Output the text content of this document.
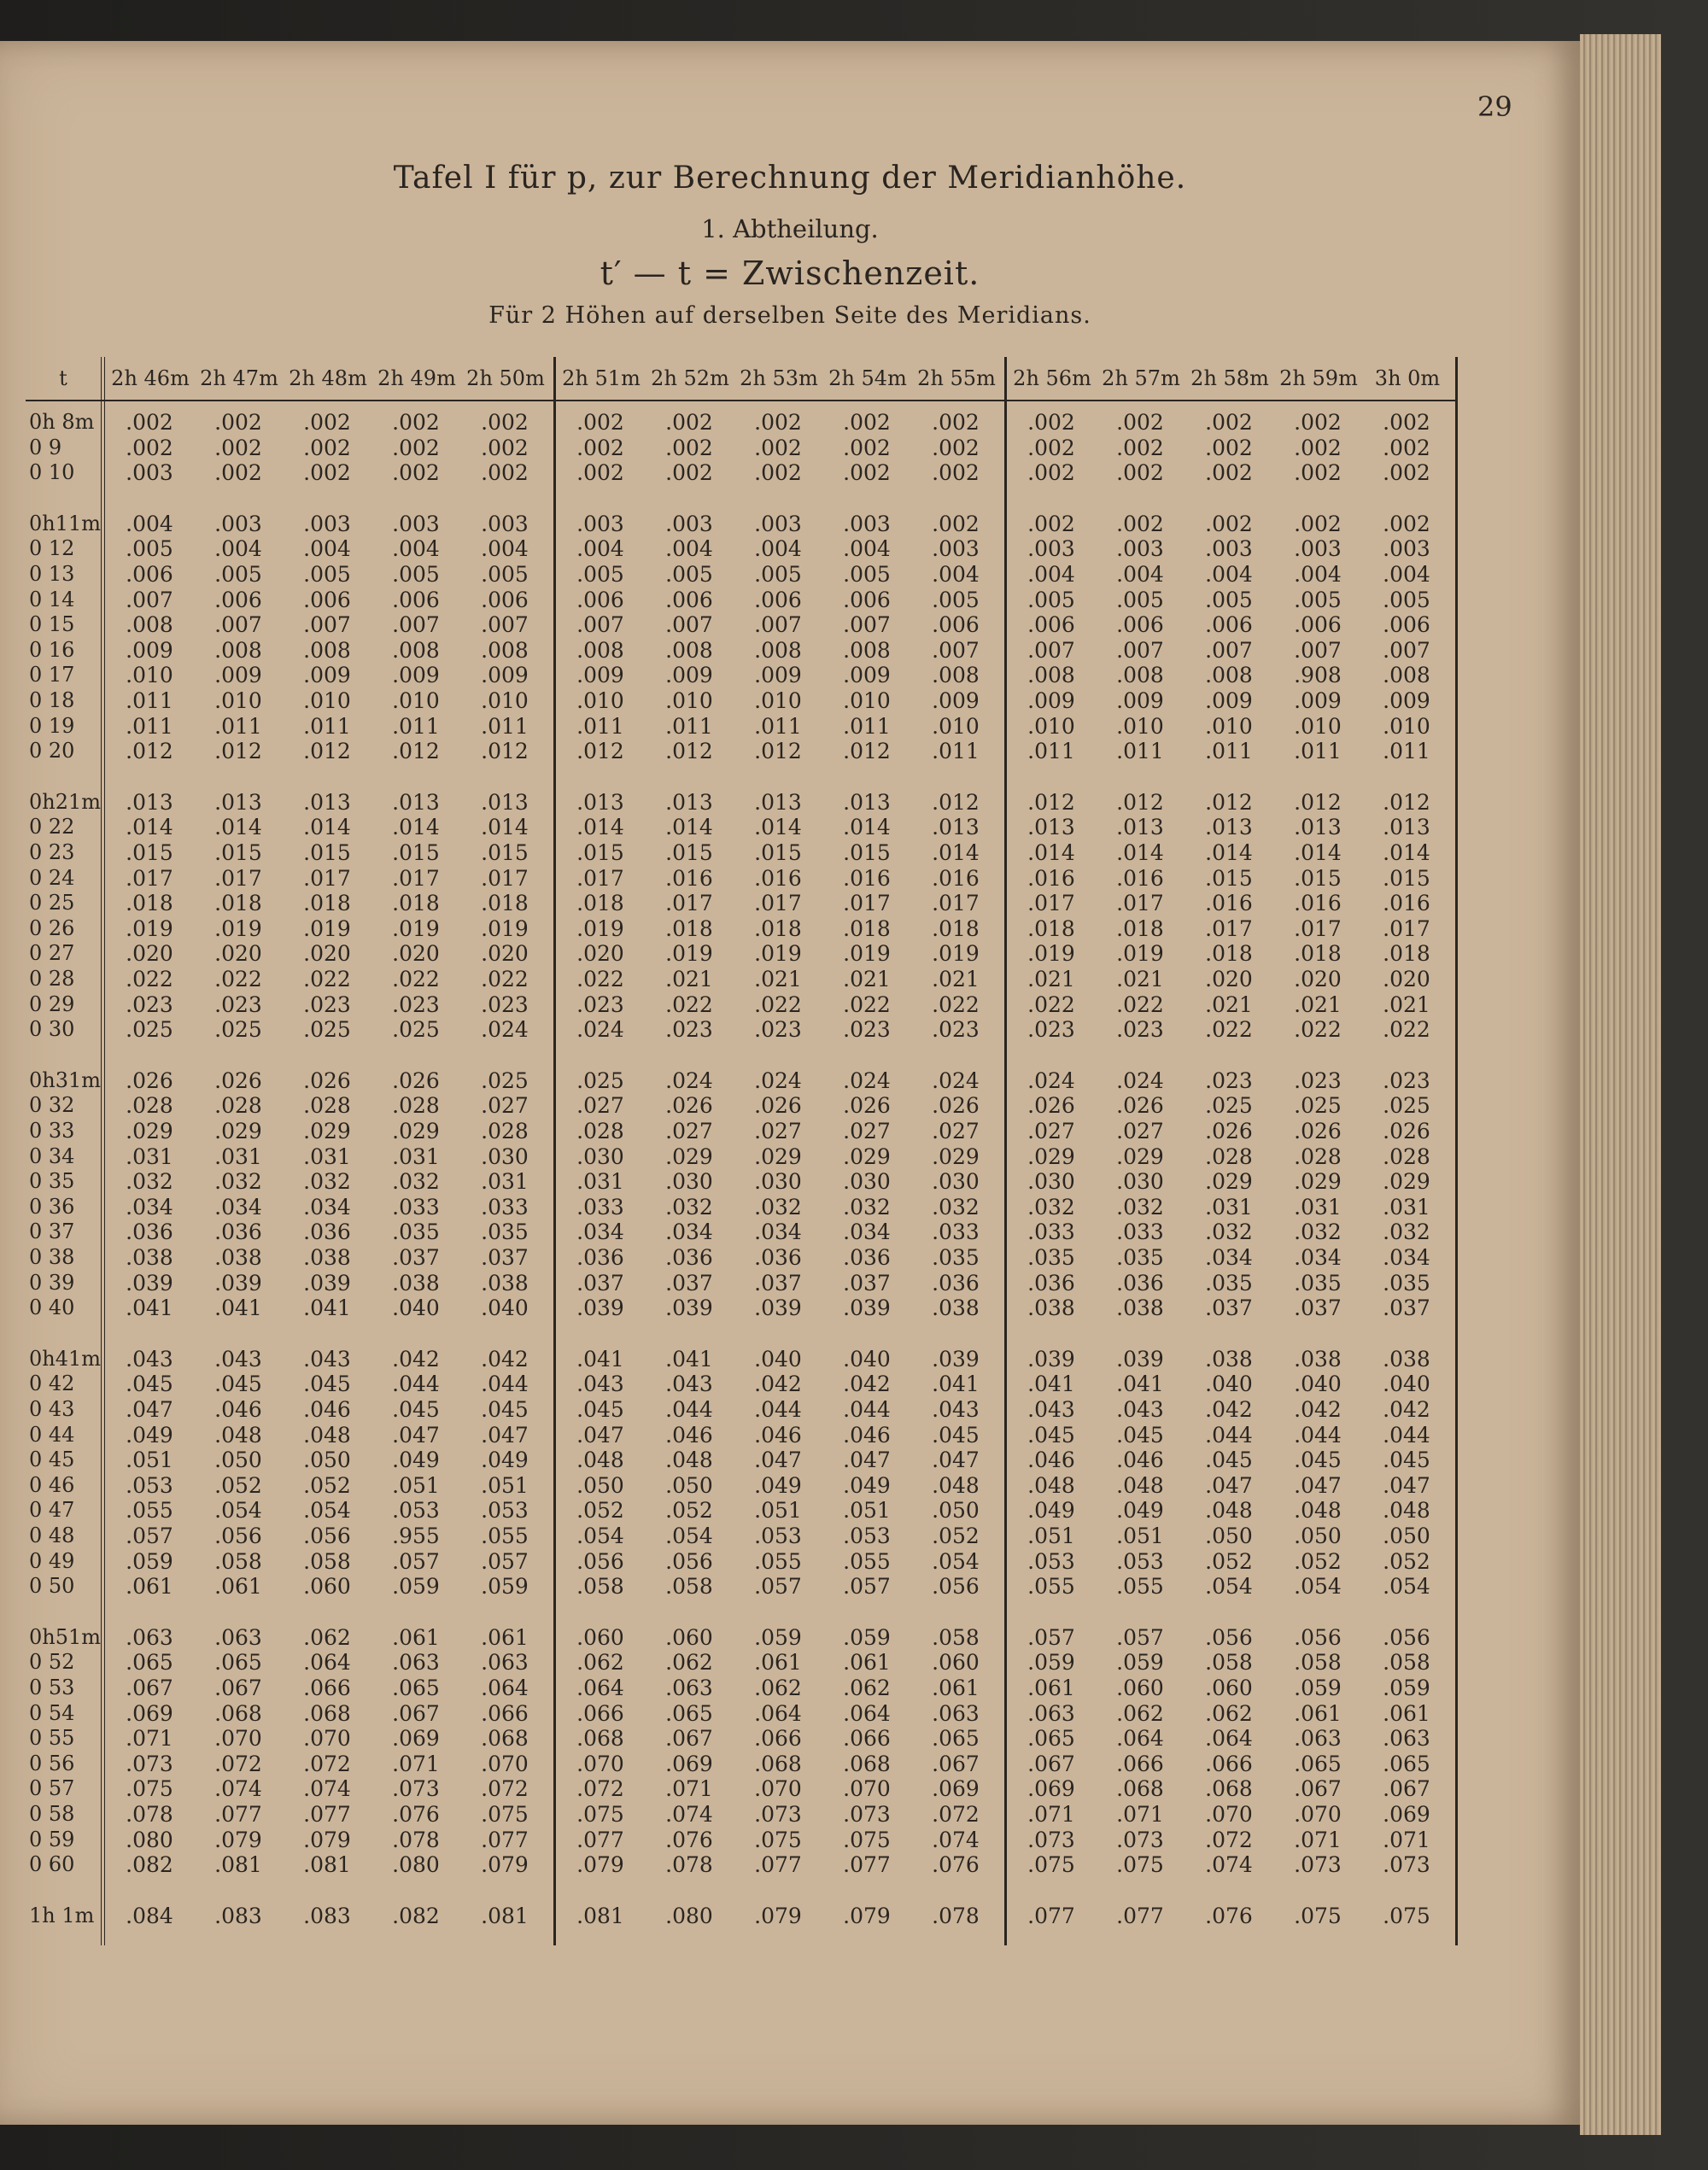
29
Tafel I für p, zur Berechnung der Meridianhöhe.
1. Abtheilung.
t′ — t = Zwischenzeit.
Für 2 Höhen auf derselben Seite des Meridians.
t	2h 46m 2h 47m 2h 48m 2h 49m 2h 50m 2h 51m 2h 52m 2h 53m 2h 54m 2h 55m 2h 56m 2h 57m 2h 58m 2h 59m 3h 0m
0h 8m	.002	.002	.002	.002	.002	.002	.002	.002	.002	.002	.002	.002	.002	.002	.002
0 9	.002	.002	.002	.002	.002	.002	.002	.002	.002	.002	.002	.002	.002	.002	.002
0 10	.003	.002	.002	.002	.002	.002	.002	.002	.002	.002	.002	.002	.002	.002	.002
0h11m	.004	.003	.003	.003	.003	.003	.003	.003	.003	.002	.002	.002	.002	.002	.002
0 12	.005	.004	.004	.004	.004	.004	.004	.004	.004	.003	.003	.003	.003	.003	.003
0 13	.006	.005	.005	.005	.005	.005	.005	.005	.005	.004	.004	.004	.004	.004	.004
0 14	.007	.006	.006	.006	.006	.006	.006	.006	.006	.005	.005	.005	.005	.005	.005
0 15	.008	.007	.007	.007	.007	.007	.007	.007	.007	.006	.006	.006	.006	.006	.006
0 16	.009	.008	.008	.008	.008	.008	.008	.008	.008	.007	.007	.007	.007	.007	.007
0 17	.010	.009	.009	.009	.009	.009	.009	.009	.009	.008	.008	.008	.008	.908	.008
0 18	.011	.010	.010	.010	.010	.010	.010	.010	.010	.009	.009	.009	.009	.009	.009
0 19	.011	.011	.011	.011	.011	.011	.011	.011	.011	.010	.010	.010	.010	.010	.010
0 20	.012	.012	.012	.012	.012	.012	.012	.012	.012	.011	.011	.011	.011	.011	.011
0h21m	.013	.013	.013	.013	.013	.013	.013	.013	.013	.012	.012	.012	.012	.012	.012
0 22	.014	.014	.014	.014	.014	.014	.014	.014	.014	.013	.013	.013	.013	.013	.013
0 23	.015	.015	.015	.015	.015	.015	.015	.015	.015	.014	.014	.014	.014	.014	.014
0 24	.017	.017	.017	.017	.017	.017	.016	.016	.016	.016	.016	.016	.015	.015	.015
0 25	.018	.018	.018	.018	.018	.018	.017	.017	.017	.017	.017	.017	.016	.016	.016
0 26	.019	.019	.019	.019	.019	.019	.018	.018	.018	.018	.018	.018	.017	.017	.017
0 27	.020	.020	.020	.020	.020	.020	.019	.019	.019	.019	.019	.019	.018	.018	.018
0 28	.022	.022	.022	.022	.022	.022	.021	.021	.021	.021	.021	.021	.020	.020	.020
0 29	.023	.023	.023	.023	.023	.023	.022	.022	.022	.022	.022	.022	.021	.021	.021
0 30	.025	.025	.025	.025	.024	.024	.023	.023	.023	.023	.023	.023	.022	.022	.022
0h31m	.026	.026	.026	.026	.025	.025	.024	.024	.024	.024	.024	.024	.023	.023	.023
0 32	.028	.028	.028	.028	.027	.027	.026	.026	.026	.026	.026	.026	.025	.025	.025
0 33	.029	.029	.029	.029	.028	.028	.027	.027	.027	.027	.027	.027	.026	.026	.026
0 34	.031	.031	.031	.031	.030	.030	.029	.029	.029	.029	.029	.029	.028	.028	.028
0 35	.032	.032	.032	.032	.031	.031	.030	.030	.030	.030	.030	.030	.029	.029	.029
0 36	.034	.034	.034	.033	.033	.033	.032	.032	.032	.032	.032	.032	.031	.031	.031
0 37	.036	.036	.036	.035	.035	.034	.034	.034	.034	.033	.033	.033	.032	.032	.032
0 38	.038	.038	.038	.037	.037	.036	.036	.036	.036	.035	.035	.035	.034	.034	.034
0 39	.039	.039	.039	.038	.038	.037	.037	.037	.037	.036	.036	.036	.035	.035	.035
0 40	.041	.041	.041	.040	.040	.039	.039	.039	.039	.038	.038	.038	.037	.037	.037
0h41m	.043	.043	.043	.042	.042	.041	.041	.040	.040	.039	.039	.039	.038	.038	.038
0 42	.045	.045	.045	.044	.044	.043	.043	.042	.042	.041	.041	.041	.040	.040	.040
0 43	.047	.046	.046	.045	.045	.045	.044	.044	.044	.043	.043	.043	.042	.042	.042
0 44	.049	.048	.048	.047	.047	.047	.046	.046	.046	.045	.045	.045	.044	.044	.044
0 45	.051	.050	.050	.049	.049	.048	.048	.047	.047	.047	.046	.046	.045	.045	.045
0 46	.053	.052	.052	.051	.051	.050	.050	.049	.049	.048	.048	.048	.047	.047	.047
0 47	.055	.054	.054	.053	.053	.052	.052	.051	.051	.050	.049	.049	.048	.048	.048
0 48	.057	.056	.056	.955	.055	.054	.054	.053	.053	.052	.051	.051	.050	.050	.050
0 49	.059	.058	.058	.057	.057	.056	.056	.055	.055	.054	.053	.053	.052	.052	.052
0 50	.061	.061	.060	.059	.059	.058	.058	.057	.057	.056	.055	.055	.054	.054	.054
0h51m	.063	.063	.062	.061	.061	.060	.060	.059	.059	.058	.057	.057	.056	.056	.056
0 52	.065	.065	.064	.063	.063	.062	.062	.061	.061	.060	.059	.059	.058	.058	.058
0 53	.067	.067	.066	.065	.064	.064	.063	.062	.062	.061	.061	.060	.060	.059	.059
0 54	.069	.068	.068	.067	.066	.066	.065	.064	.064	.063	.063	.062	.062	.061	.061
0 55	.071	.070	.070	.069	.068	.068	.067	.066	.066	.065	.065	.064	.064	.063	.063
0 56	.073	.072	.072	.071	.070	.070	.069	.068	.068	.067	.067	.066	.066	.065	.065
0 57	.075	.074	.074	.073	.072	.072	.071	.070	.070	.069	.069	.068	.068	.067	.067
0 58	.078	.077	.077	.076	.075	.075	.074	.073	.073	.072	.071	.071	.070	.070	.069
0 59	.080	.079	.079	.078	.077	.077	.076	.075	.075	.074	.073	.073	.072	.071	.071
0 60	.082	.081	.081	.080	.079	.079	.078	.077	.077	.076	.075	.075	.074	.073	.073
1h 1m	.084	.083	.083	.082	.081	.081	.080	.079	.079	.078	.077	.077	.076	.075	.075
